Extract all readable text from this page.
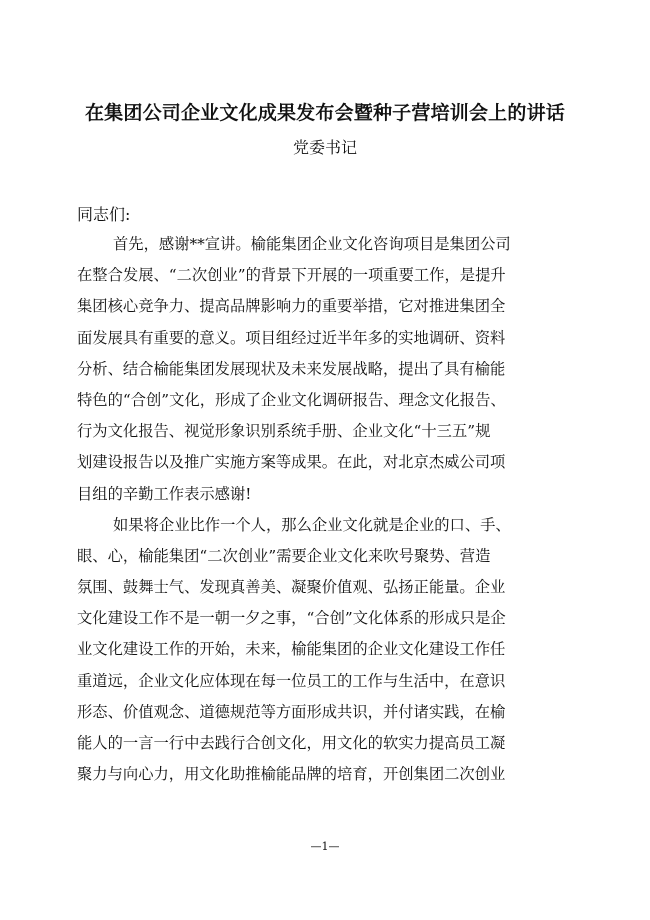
在集团公司企业文化成果发布会暨种子营培训会上的讲话
党委书记
同志们:
首先，感谢**宣讲。榆能集团企业文化咨询项目是集团公司
在整合发展、“二次创业”的背景下开展的一项重要工作，是提升
集团核心竞争力、提高品牌影响力的重要举措，它对推进集团全
面发展具有重要的意义。项目组经过近半年多的实地调研、资料
分析、结合榆能集团发展现状及未来发展战略，提出了具有榆能
特色的“合创”文化，形成了企业文化调研报告、理念文化报告、
行为文化报告、视觉形象识别系统手册、企业文化“十三五”规
划建设报告以及推广实施方案等成果。在此，对北京杰威公司项
目组的辛勤工作表示感谢!
如果将企业比作一个人，那么企业文化就是企业的口、手、
眼、心，榆能集团“二次创业”需要企业文化来吹号聚势、营造
氛围、鼓舞士气、发现真善美、凝聚价值观、弘扬正能量。企业
文化建设工作不是一朝一夕之事，“合创”文化体系的形成只是企
业文化建设工作的开始，未来，榆能集团的企业文化建设工作任
重道远，企业文化应体现在每一位员工的工作与生活中，在意识
形态、价值观念、道德规范等方面形成共识，并付诸实践，在榆
能人的一言一行中去践行合创文化，用文化的软实力提高员工凝
聚力与向心力，用文化助推榆能品牌的培育，开创集团二次创业
—1—
